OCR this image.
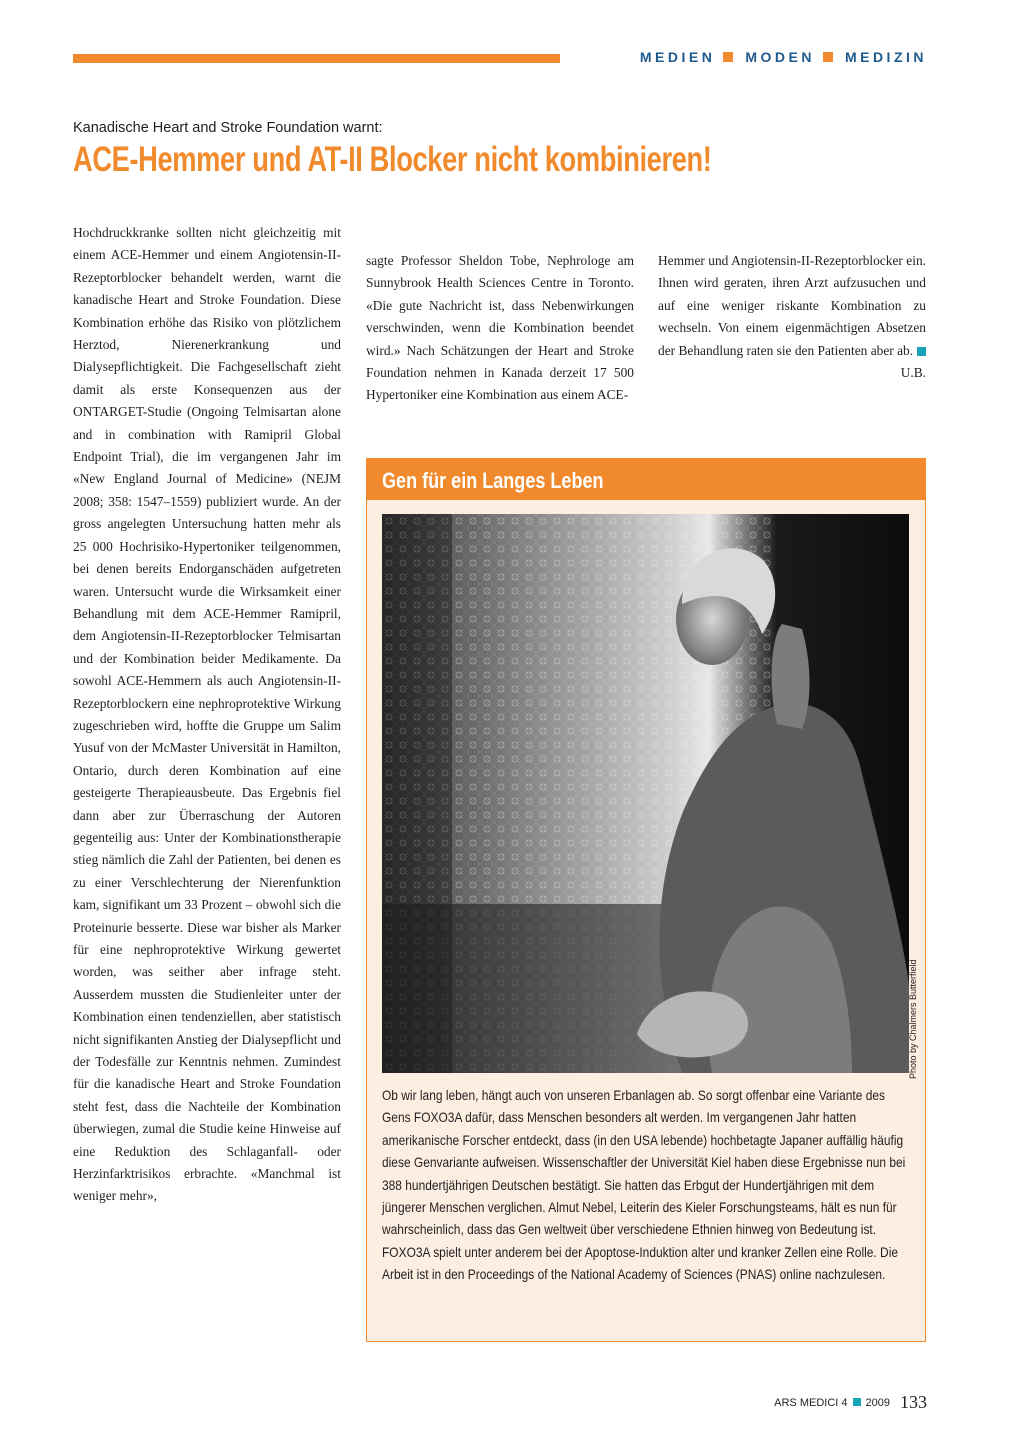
MEDIEN MODEN MEDIZIN
Kanadische Heart and Stroke Foundation warnt:
ACE-Hemmer und AT-II Blocker nicht kombinieren!

Hochdruckkranke sollten nicht gleichzeitig mit einem ACE-Hemmer und einem Angiotensin-II-Rezeptorblocker behandelt werden, warnt die kanadische Heart and Stroke Foundation. Diese Kombination erhöhe das Risiko von plötzlichem Herztod, Nierenerkrankung und Dialysepflichtigkeit. Die Fachgesellschaft zieht damit als erste Konsequenzen aus der ONTARGET-Studie (Ongoing Telmisartan alone and in combination with Ramipril Global Endpoint Trial), die im vergangenen Jahr im «New England Journal of Medicine» (NEJM 2008; 358: 1547–1559) publiziert wurde. An der gross angelegten Untersuchung hatten mehr als 25 000 Hochrisiko-Hypertoniker teilgenommen, bei denen bereits Endorganschäden aufgetreten waren. Untersucht wurde die Wirksamkeit einer Behandlung mit dem ACE-Hemmer Ramipril, dem Angiotensin-II-Rezeptorblocker Telmisartan und der Kombination beider Medikamente. Da sowohl ACE-Hemmern als auch Angiotensin-II-Rezeptorblockern eine nephroprotektive Wirkung zugeschrieben wird, hoffte die Gruppe um Salim Yusuf von der McMaster Universität in Hamilton, Ontario, durch deren Kombination auf eine gesteigerte Therapieausbeute. Das Ergebnis fiel dann aber zur Überraschung der Autoren gegenteilig aus: Unter der Kombinationstherapie stieg nämlich die Zahl der Patienten, bei denen es zu einer Verschlechterung der Nierenfunktion kam, signifikant um 33 Prozent – obwohl sich die Proteinurie besserte. Diese war bisher als Marker für eine nephroprotektive Wirkung gewertet worden, was seither aber infrage steht. Ausserdem mussten die Studienleiter unter der Kombination einen tendenziellen, aber statistisch nicht signifikanten Anstieg der Dialysepflicht und der Todesfälle zur Kenntnis nehmen. Zumindest für die kanadische Heart and Stroke Foundation steht fest, dass die Nachteile der Kombination überwiegen, zumal die Studie keine Hinweise auf eine Reduktion des Schlaganfall- oder Herzinfarktrisikos erbrachte. «Manchmal ist weniger mehr»,

sagte Professor Sheldon Tobe, Nephrologe am Sunnybrook Health Sciences Centre in Toronto. «Die gute Nachricht ist, dass Nebenwirkungen verschwinden, wenn die Kombination beendet wird.» Nach Schätzungen der Heart and Stroke Foundation nehmen in Kanada derzeit 17 500 Hypertoniker eine Kombination aus einem ACE-

Hemmer und Angiotensin-II-Rezeptorblocker ein. Ihnen wird geraten, ihren Arzt aufzusuchen und auf eine weniger riskante Kombination zu wechseln. Von einem eigenmächtigen Absetzen der Behandlung raten sie den Patienten aber ab.

U.B.

Gen für ein Langes Leben
Photo by Chalmers Butterfield
Ob wir lang leben, hängt auch von unseren Erbanlagen ab. So sorgt offenbar eine Variante des Gens FOXO3A dafür, dass Menschen besonders alt werden. Im vergangenen Jahr hatten amerikanische Forscher entdeckt, dass (in den USA lebende) hochbetagte Japaner auffällig häufig diese Genvariante aufweisen. Wissenschaftler der Universität Kiel haben diese Ergebnisse nun bei 388 hundertjährigen Deutschen bestätigt. Sie hatten das Erbgut der Hundertjährigen mit dem jüngerer Menschen verglichen. Almut Nebel, Leiterin des Kieler Forschungsteams, hält es nun für wahrscheinlich, dass das Gen weltweit über verschiedene Ethnien hinweg von Bedeutung ist. FOXO3A spielt unter anderem bei der Apoptose-Induktion alter und kranker Zellen eine Rolle. Die Arbeit ist in den Proceedings of the National Academy of Sciences (PNAS) online nachzulesen.
ARS MEDICI 4 2009 133
